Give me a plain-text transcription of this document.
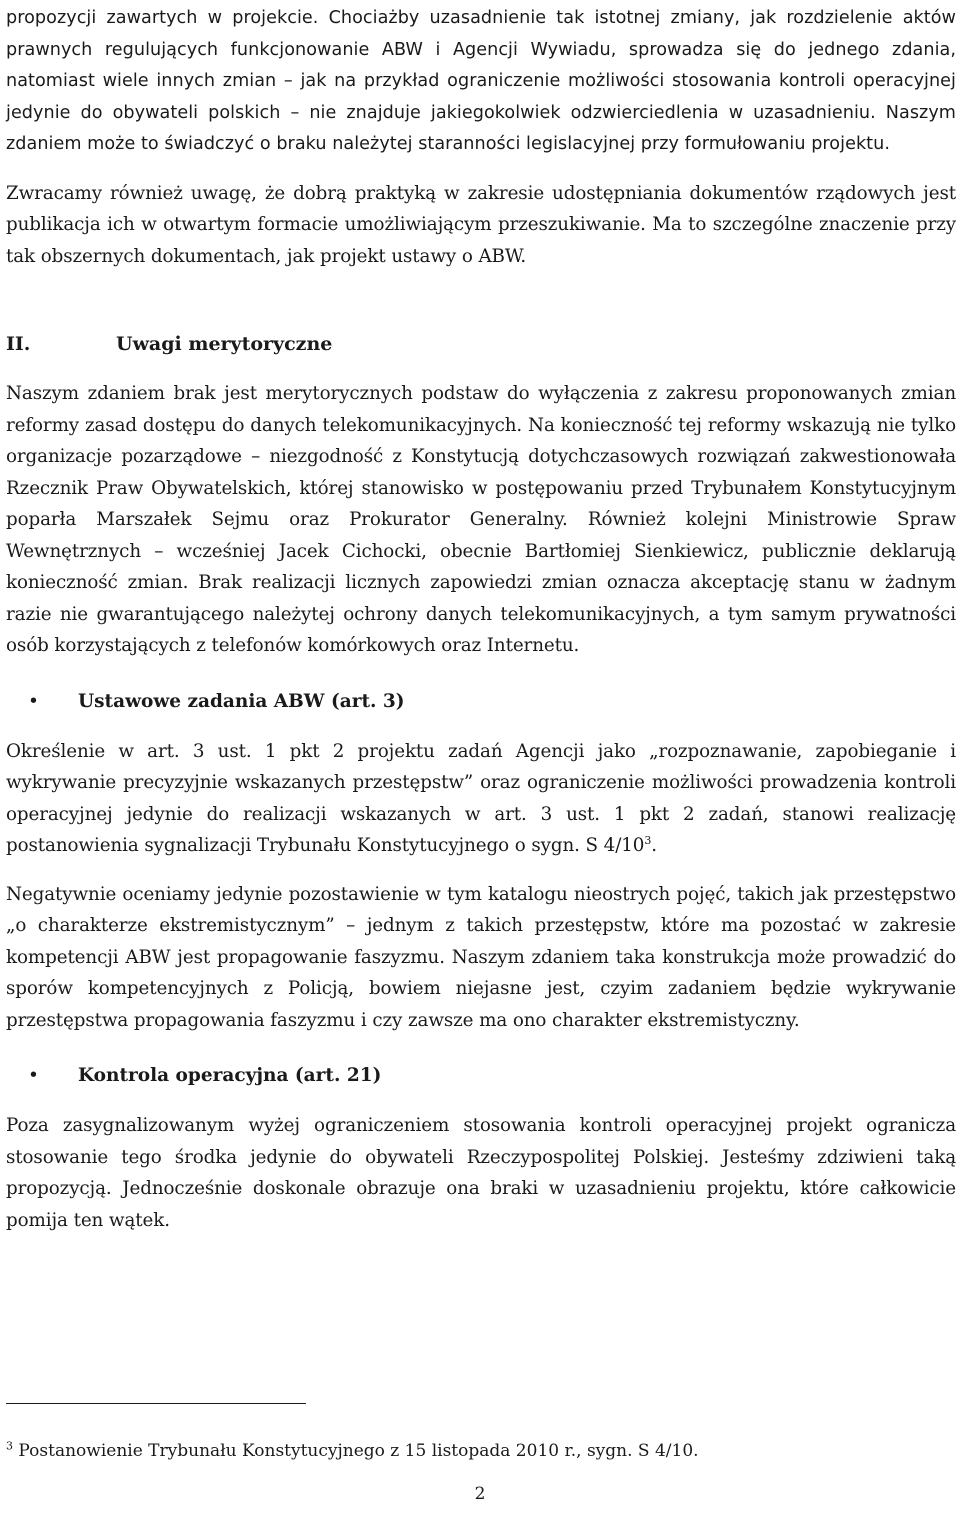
propozycji zawartych w projekcie. Chociażby uzasadnienie tak istotnej zmiany, jak rozdzielenie aktów prawnych regulujących funkcjonowanie ABW i Agencji Wywiadu, sprowadza się do jednego zdania, natomiast wiele innych zmian – jak na przykład ograniczenie możliwości stosowania kontroli operacyjnej jedynie do obywateli polskich – nie znajduje jakiegokolwiek odzwierciedlenia w uzasadnieniu. Naszym zdaniem może to świadczyć o braku należytej staranności legislacyjnej przy formułowaniu projektu.

Zwracamy również uwagę, że dobrą praktyką w zakresie udostępniania dokumentów rządowych jest publikacja ich w otwartym formacie umożliwiającym przeszukiwanie. Ma to szczególne znaczenie przy tak obszernych dokumentach, jak projekt ustawy o ABW.

II.	Uwagi merytoryczne

Naszym zdaniem brak jest merytorycznych podstaw do wyłączenia z zakresu proponowanych zmian reformy zasad dostępu do danych telekomunikacyjnych. Na konieczność tej reformy wskazują nie tylko organizacje pozarządowe – niezgodność z Konstytucją dotychczasowych rozwiązań zakwestionowała Rzecznik Praw Obywatelskich, której stanowisko w postępowaniu przed Trybunałem Konstytucyjnym poparła Marszałek Sejmu oraz Prokurator Generalny. Również kolejni Ministrowie Spraw Wewnętrznych – wcześniej Jacek Cichocki, obecnie Bartłomiej Sienkiewicz, publicznie deklarują konieczność zmian. Brak realizacji licznych zapowiedzi zmian oznacza akceptację stanu w żadnym razie nie gwarantującego należytej ochrony danych telekomunikacyjnych, a tym samym prywatności osób korzystających z telefonów komórkowych oraz Internetu.

• Ustawowe zadania ABW (art. 3)

Określenie w art. 3 ust. 1 pkt 2 projektu zadań Agencji jako „rozpoznawanie, zapobieganie i wykrywanie precyzyjnie wskazanych przestępstw” oraz ograniczenie możliwości prowadzenia kontroli operacyjnej jedynie do realizacji wskazanych w art. 3 ust. 1 pkt 2 zadań, stanowi realizację postanowienia sygnalizacji Trybunału Konstytucyjnego o sygn. S $4/10^3$.

Negatywnie oceniamy jedynie pozostawienie w tym katalogu nieostrych pojęć, takich jak przestępstwo „o charakterze ekstremistycznym” – jednym z takich przestępstw, które ma pozostać w zakresie kompetencji ABW jest propagowanie faszyzmu. Naszym zdaniem taka konstrukcja może prowadzić do sporów kompetencyjnych z Policją, bowiem niejasne jest, czyim zadaniem będzie wykrywanie przestępstwa propagowania faszyzmu i czy zawsze ma ono charakter ekstremistyczny.

• Kontrola operacyjna (art. 21)

Poza zasygnalizowanym wyżej ograniczeniem stosowania kontroli operacyjnej projekt ogranicza stosowanie tego środka jedynie do obywateli Rzeczypospolitej Polskiej. Jesteśmy zdziwieni taką propozycją. Jednocześnie doskonale obrazuje ona braki w uzasadnieniu projektu, które całkowicie pomija ten wątek.

$^3$ Postanowienie Trybunału Konstytucyjnego z 15 listopada 2010 r., sygn. S 4/10.
2
